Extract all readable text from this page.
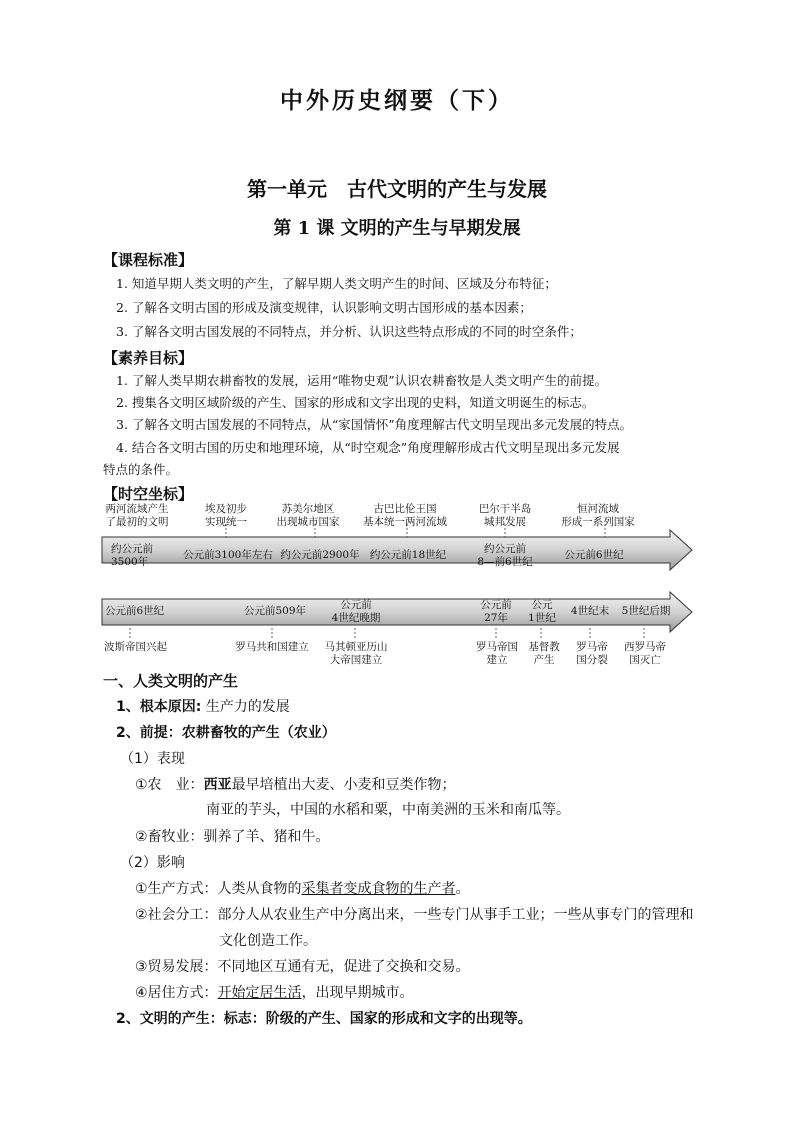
中外历史纲要（下）
第一单元　古代文明的产生与发展
第 1 课 文明的产生与早期发展
【课程标准】
1. 知道早期人类文明的产生，了解早期人类文明产生的时间、区域及分布特征；
2. 了解各文明古国的形成及演变规律，认识影响文明古国形成的基本因素；
3. 了解各文明古国发展的不同特点，并分析、认识这些特点形成的不同的时空条件；
【素养目标】
1. 了解人类早期农耕畜牧的发展，运用“唯物史观”认识农耕畜牧是人类文明产生的前提。
2. 搜集各文明区域阶级的产生、国家的形成和文字出现的史料，知道文明诞生的标志。
3. 了解各文明古国发展的不同特点，从“家国情怀”角度理解古代文明呈现出多元发展的特点。
4. 结合各文明古国的历史和地理环境，从“时空观念”角度理解形成古代文明呈现出多元发展
特点的条件。
【时空坐标】
两河流域产生
了最初的文明
埃及初步
实现统一
苏美尔地区
出现城市国家
古巴比伦王国
基本统一两河流域
巴尔干半岛
城邦发展
恒河流域
形成一系列国家
约公元前
3500年
公元前3100年左右 约公元前2900年 约公元前18世纪	约公元前
8—前6世纪
公元前6世纪
公元前6世纪	公元前509年	公元前
4世纪晚期
公元前
27年
公元
1世纪
4世纪末	5世纪后期
波斯帝国兴起	罗马共和国建立	马其顿亚历山
大帝国建立
罗马帝国
建立
基督教
产生
罗马帝
国分裂
西罗马帝
国灭亡
一、人类文明的产生
1、根本原因: 生产力的发展
2、前提：农耕畜牧的产生（农业）
（1）表现
①农　业：西亚最早培植出大麦、小麦和豆类作物；
南亚的芋头，中国的水稻和粟，中南美洲的玉米和南瓜等。
②畜牧业：驯养了羊、猪和牛。
（2）影响
①生产方式：人类从食物的采集者变成食物的生产者。
②社会分工：部分人从农业生产中分离出来，一些专门从事手工业；一些从事专门的管理和
文化创造工作。
③贸易发展：不同地区互通有无，促进了交换和交易。
④居住方式：开始定居生活，出现早期城市。
2、文明的产生：标志：阶级的产生、国家的形成和文字的出现等。
